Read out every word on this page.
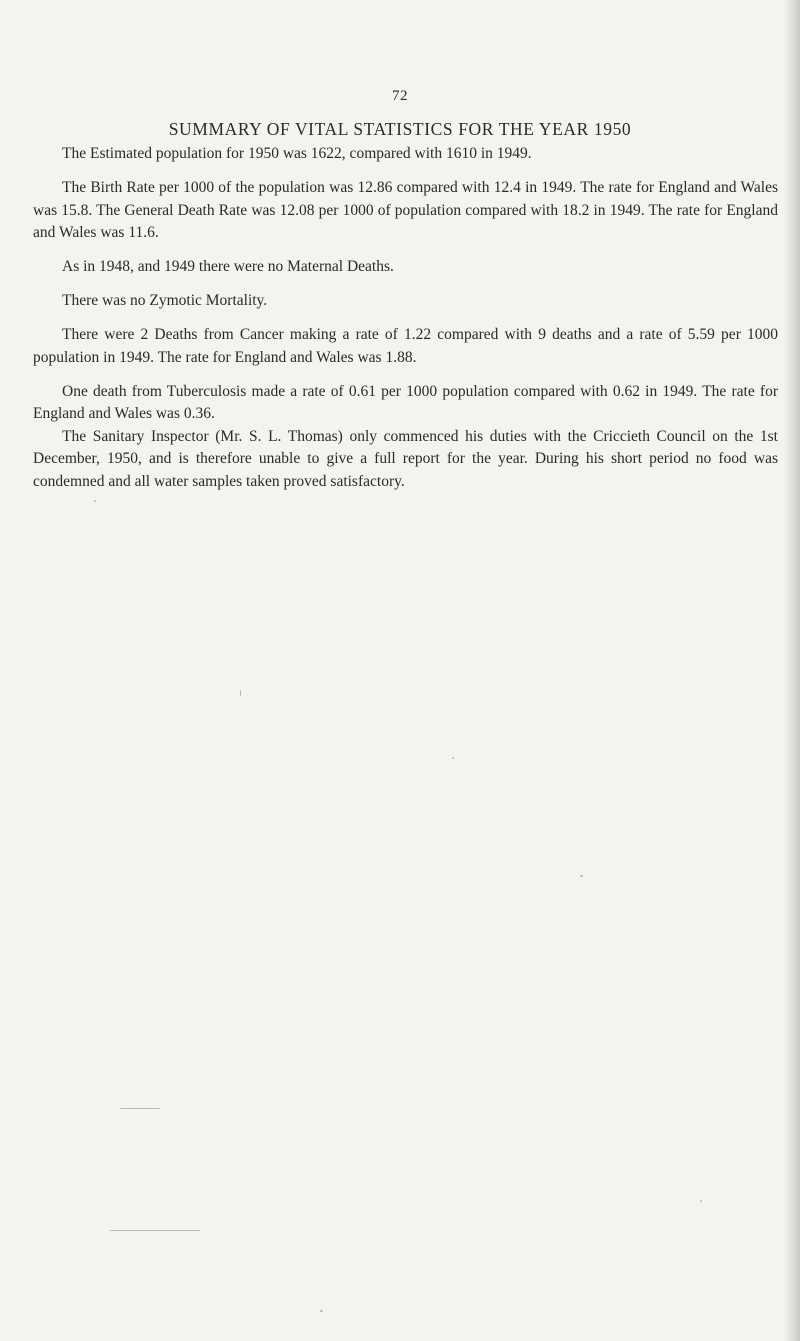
72
SUMMARY OF VITAL STATISTICS FOR THE YEAR 1950

The Estimated population for 1950 was 1622, compared with 1610 in 1949.

The Birth Rate per 1000 of the population was 12.86 compared with 12.4 in 1949. The rate for England and Wales was 15.8. The General Death Rate was 12.08 per 1000 of population compared with 18.2 in 1949. The rate for England and Wales was 11.6.

As in 1948, and 1949 there were no Maternal Deaths.

There was no Zymotic Mortality.

There were 2 Deaths from Cancer making a rate of 1.22 compared with 9 deaths and a rate of 5.59 per 1000 population in 1949. The rate for England and Wales was 1.88.

One death from Tuberculosis made a rate of 0.61 per 1000 population compared with 0.62 in 1949. The rate for England and Wales was 0.36.

The Sanitary Inspector (Mr. S. L. Thomas) only commenced his duties with the Criccieth Council on the 1st December, 1950, and is therefore unable to give a full report for the year. During his short period no food was condemned and all water samples taken proved satisfactory.
